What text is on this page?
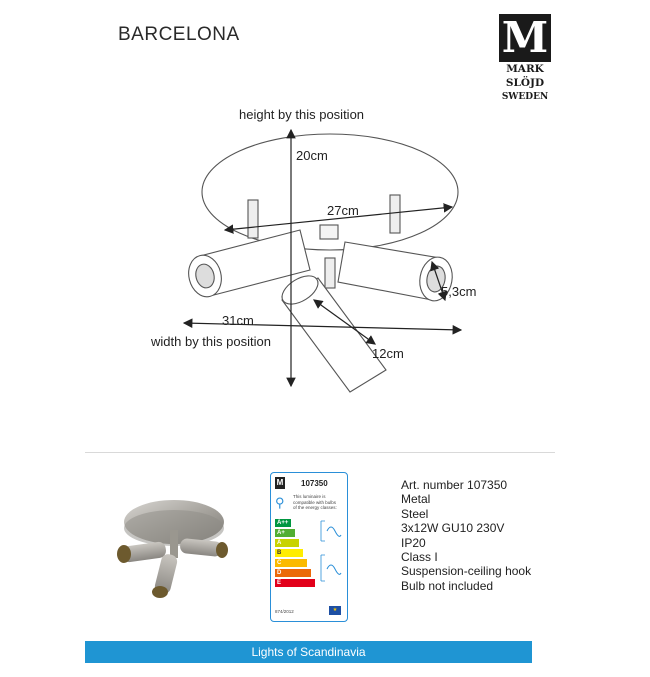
BARCELONA	M
MARK
SLÖJD
SWEDEN
height by this position
20cm
27cm
5,3cm
31cm
width by this position
12cm
M 107350
⚲	This luminaire is compatible with bulbs of the energy classes:
A++
A+
A
B
C
D
E
874/2012	★
Art. number 107350
Metal
Steel
3x12W GU10 230V
IP20
Class I
Suspension-ceiling hook
Bulb not included
Lights of Scandinavia
